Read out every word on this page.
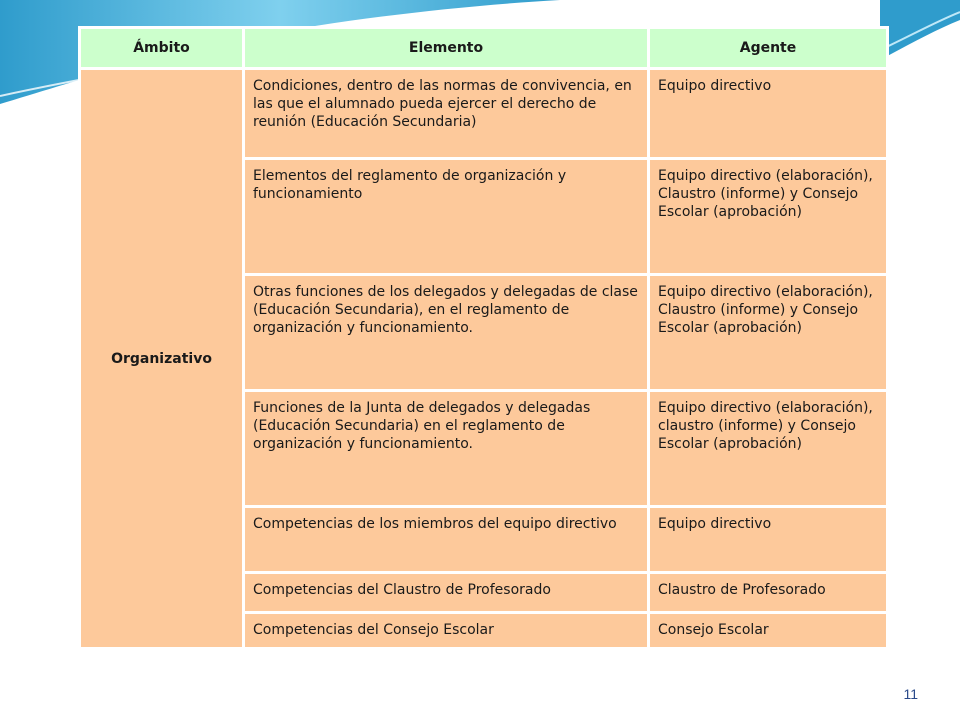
Ámbito	Elemento	Agente
Organizativo	Condiciones, dentro de las normas de convivencia, en las que el alumnado pueda ejercer el derecho de reunión (Educación Secundaria)	Equipo directivo

	Elementos del reglamento de organización y funcionamiento	Equipo directivo (elaboración), Claustro (informe) y Consejo Escolar (aprobación)

	Otras funciones de los delegados y delegadas de clase (Educación Secundaria), en el reglamento de organización y funcionamiento.	Equipo directivo (elaboración), Claustro (informe) y Consejo Escolar (aprobación)

	Funciones de la Junta de delegados y delegadas (Educación Secundaria) en el reglamento de organización y funcionamiento.	Equipo directivo (elaboración), claustro (informe) y Consejo Escolar (aprobación)

	Competencias de los miembros del equipo directivo	Equipo directivo

	Competencias del Claustro de Profesorado	Claustro de Profesorado

	Competencias del Consejo Escolar	Consejo Escolar
11
